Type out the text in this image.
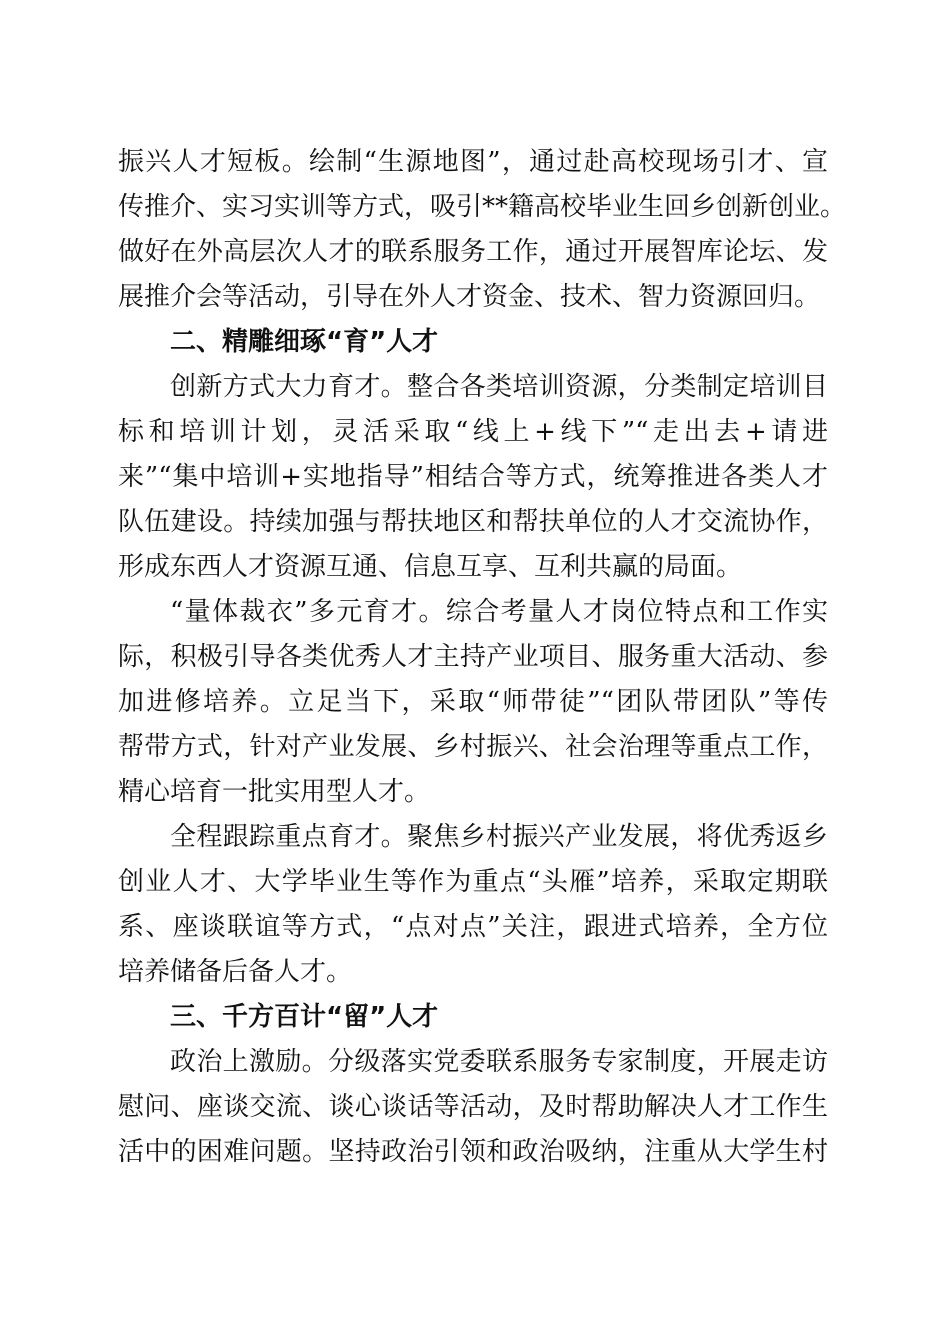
振兴人才短板。绘制“生源地图”，通过赴高校现场引才、宣
传推介、实习实训等方式，吸引**籍高校毕业生回乡创新创业。
做好在外高层次人才的联系服务工作，通过开展智库论坛、发
展推介会等活动，引导在外人才资金、技术、智力资源回归。
二、精雕细琢“育”人才
创新方式大力育才。整合各类培训资源，分类制定培训目
标和培训计划，灵活采取“线上+线下”“走出去+请进
来”“集中培训+实地指导”相结合等方式，统筹推进各类人才
队伍建设。持续加强与帮扶地区和帮扶单位的人才交流协作，
形成东西人才资源互通、信息互享、互利共赢的局面。
“量体裁衣”多元育才。综合考量人才岗位特点和工作实
际，积极引导各类优秀人才主持产业项目、服务重大活动、参
加进修培养。立足当下，采取“师带徒”“团队带团队”等传
帮带方式，针对产业发展、乡村振兴、社会治理等重点工作，
精心培育一批实用型人才。
全程跟踪重点育才。聚焦乡村振兴产业发展，将优秀返乡
创业人才、大学毕业生等作为重点“头雁”培养，采取定期联
系、座谈联谊等方式，“点对点”关注，跟进式培养，全方位
培养储备后备人才。
三、千方百计“留”人才
政治上激励。分级落实党委联系服务专家制度，开展走访
慰问、座谈交流、谈心谈话等活动，及时帮助解决人才工作生
活中的困难问题。坚持政治引领和政治吸纳，注重从大学生村
